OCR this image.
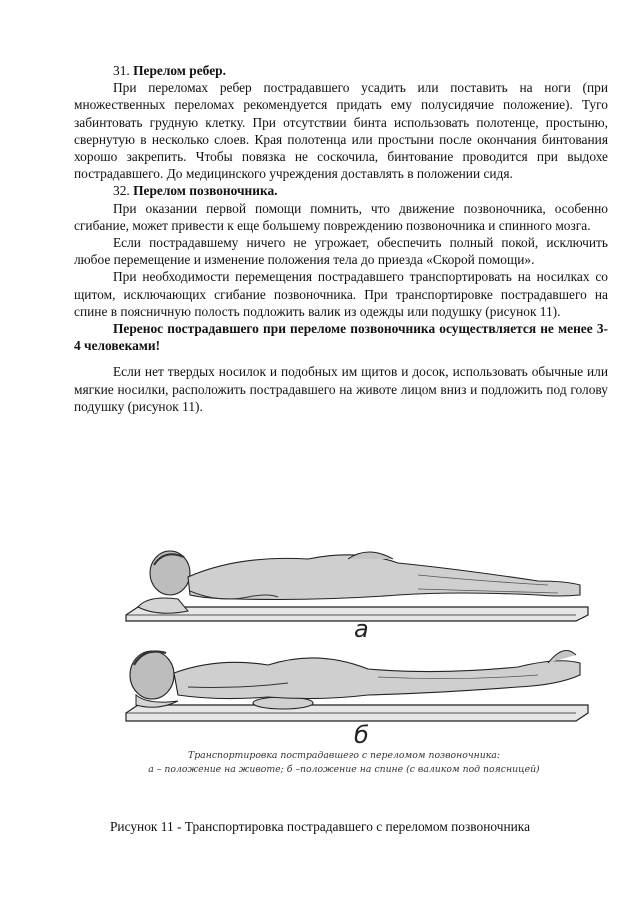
31. Перелом ребер.

При переломах ребер пострадавшего усадить или поставить на ноги (при множественных переломах рекомендуется придать ему полусидячие положение). Туго забинтовать грудную клетку. При отсутствии бинта использовать полотенце, простыню, свернутую в несколько слоев. Края полотенца или простыни после окончания бинтования хорошо закрепить. Чтобы повязка не соскочила, бинтование проводится при выдохе пострадавшего. До медицинского учреждения доставлять в положении сидя.

32. Перелом позвоночника.

При оказании первой помощи помнить, что движение позвоночника, особенно сгибание, может привести к еще большему повреждению позвоночника и спинного мозга.

Если пострадавшему ничего не угрожает, обеспечить полный покой, исключить любое перемещение и изменение положения тела до приезда «Скорой помощи».

При необходимости перемещения пострадавшего транспортировать на носилках со щитом, исключающих сгибание позвоночника. При транспортировке пострадавшего на спине в поясничную полость подложить валик из одежды или подушку (рисунок 11).

Перенос пострадавшего при переломе позвоночника осуществляется не менее 3-4 человеками!

Если нет твердых носилок и подобных им щитов и досок, использовать обычные или мягкие носилки, расположить пострадавшего на животе лицом вниз и подложить под голову подушку (рисунок 11).

а
б
Транспортировка пострадавшего с переломом позвоночника:
а – положение на животе; б –положение на спине (с валиком под поясницей)
Рисунок 11 - Транспортировка пострадавшего с переломом позвоночника
